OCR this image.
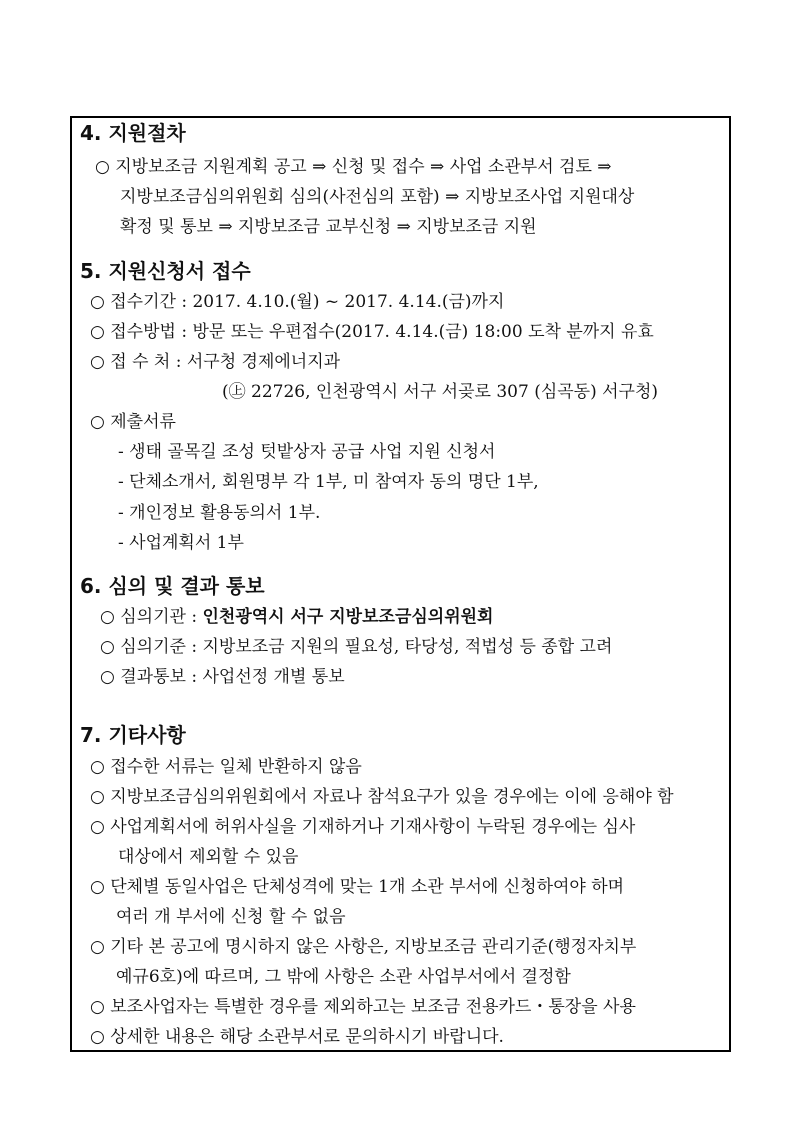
4. 지원절차
○ 지방보조금 지원계획 공고 ⇒ 신청 및 접수 ⇒ 사업 소관부서 검토 ⇒
지방보조금심의위원회 심의(사전심의 포함) ⇒ 지방보조사업 지원대상
확정 및 통보 ⇒ 지방보조금 교부신청 ⇒ 지방보조금 지원
5. 지원신청서 접수
○ 접수기간 : 2017. 4.10.(월) ~ 2017. 4.14.(금)까지
○ 접수방법 : 방문 또는 우편접수(2017. 4.14.(금) 18:00 도착 분까지 유효
○ 접 수 처 : 서구청 경제에너지과
(㊤ 22726, 인천광역시 서구 서곶로 307 (심곡동) 서구청)
○ 제출서류
- 생태 골목길 조성 텃밭상자 공급 사업 지원 신청서
- 단체소개서, 회원명부 각 1부, 미 참여자 동의 명단 1부,
- 개인정보 활용동의서 1부.
- 사업계획서 1부
6. 심의 및 결과 통보
○ 심의기관 : 인천광역시 서구 지방보조금심의위원회
○ 심의기준 : 지방보조금 지원의 필요성, 타당성, 적법성 등 종합 고려
○ 결과통보 : 사업선정 개별 통보
7. 기타사항
○ 접수한 서류는 일체 반환하지 않음
○ 지방보조금심의위원회에서 자료나 참석요구가 있을 경우에는 이에 응해야 함
○ 사업계획서에 허위사실을 기재하거나 기재사항이 누락된 경우에는 심사
대상에서 제외할 수 있음
○ 단체별 동일사업은 단체성격에 맞는 1개 소관 부서에 신청하여야 하며
여러 개 부서에 신청 할 수 없음
○ 기타 본 공고에 명시하지 않은 사항은, 지방보조금 관리기준(행정자치부
예규6호)에 따르며, 그 밖에 사항은 소관 사업부서에서 결정함
○ 보조사업자는 특별한 경우를 제외하고는 보조금 전용카드・통장을 사용
○ 상세한 내용은 해당 소관부서로 문의하시기 바랍니다.
